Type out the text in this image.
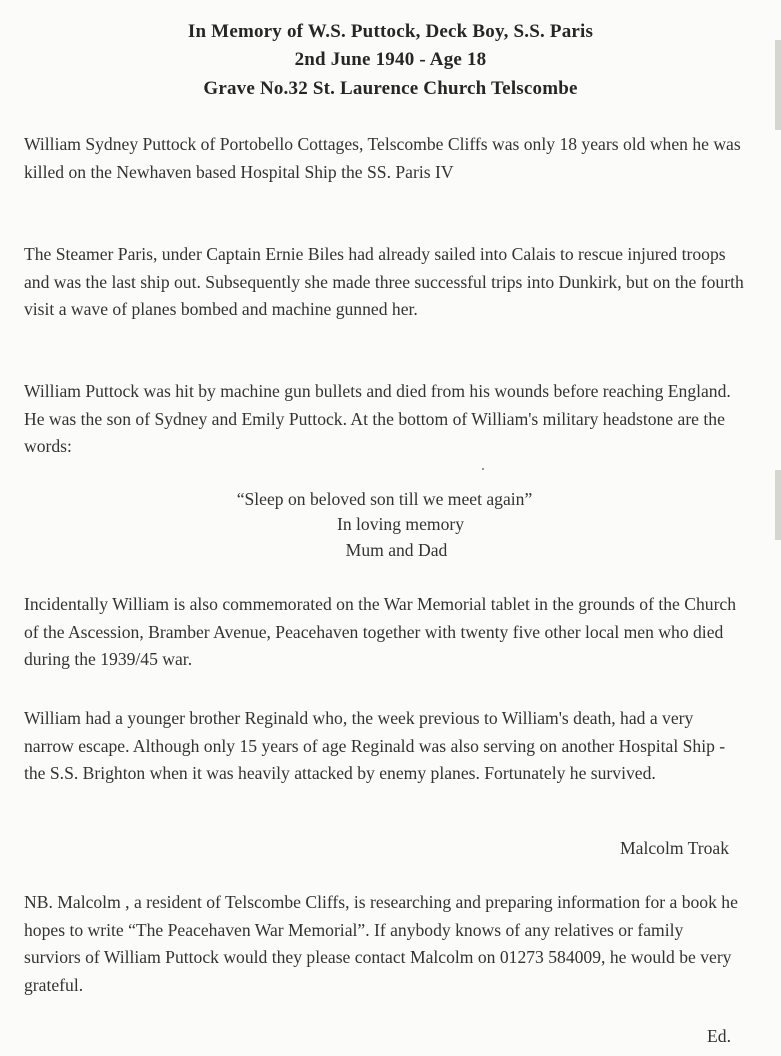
In Memory of W.S. Puttock, Deck Boy, S.S. Paris
2nd June 1940 - Age 18
Grave No.32 St. Laurence Church Telscombe
William Sydney Puttock of Portobello Cottages, Telscombe Cliffs was only 18 years old when he was killed on the Newhaven based Hospital Ship the SS. Paris IV
The Steamer Paris, under Captain Ernie Biles had already sailed into Calais to rescue injured troops and was the last ship out. Subsequently she made three successful trips into Dunkirk, but on the fourth visit a wave of planes bombed and machine gunned her.
William Puttock was hit by machine gun bullets and died from his wounds before reaching England. He was the son of Sydney and Emily Puttock. At the bottom of William's military headstone are the words:
“Sleep on beloved son till we meet again”
In loving memory
Mum and Dad
Incidentally William is also commemorated on the War Memorial tablet in the grounds of the Church of the Ascession, Bramber Avenue, Peacehaven together with twenty five other local men who died during the 1939/45 war.
William had a younger brother Reginald who, the week previous to William's death, had a very narrow escape. Although only 15 years of age Reginald was also serving on another Hospital Ship - the S.S. Brighton when it was heavily attacked by enemy planes. Fortunately he survived.
Malcolm Troak
NB. Malcolm , a resident of Telscombe Cliffs, is researching and preparing information for a book he hopes to write “The Peacehaven War Memorial”. If anybody knows of any relatives or family surviors of William Puttock would they please contact Malcolm on 01273 584009, he would be very grateful.
Ed.
